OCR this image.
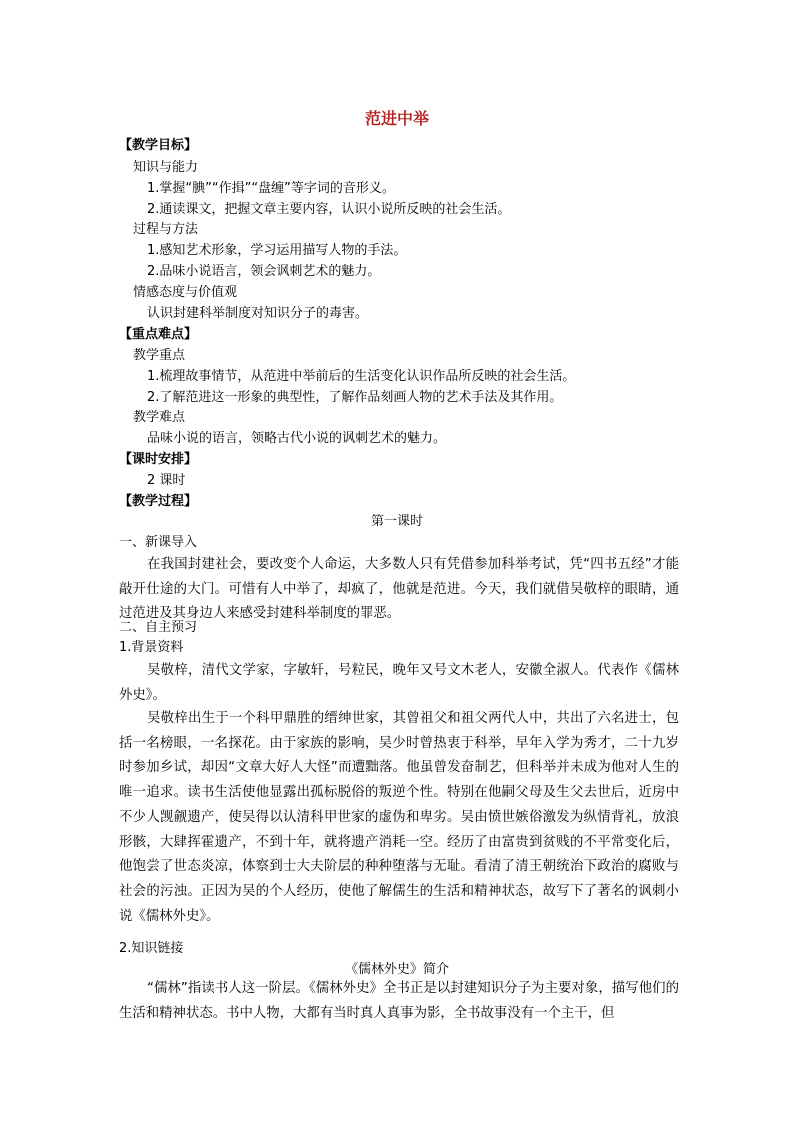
范进中举
【教学目标】
知识与能力
1.掌握“腆”“作揖”“盘缠”等字词的音形义。
2.通读课文，把握文章主要内容，认识小说所反映的社会生活。
过程与方法
1.感知艺术形象，学习运用描写人物的手法。
2.品味小说语言，领会讽刺艺术的魅力。
情感态度与价值观
认识封建科举制度对知识分子的毒害。
【重点难点】
教学重点
1.梳理故事情节，从范进中举前后的生活变化认识作品所反映的社会生活。
2.了解范进这一形象的典型性，了解作品刻画人物的艺术手法及其作用。
教学难点
品味小说的语言，领略古代小说的讽刺艺术的魅力。
【课时安排】
2 课时
【教学过程】
第一课时
一、新课导入

在我国封建社会，要改变个人命运，大多数人只有凭借参加科举考试，凭“四书五经”才能敲开仕途的大门。可惜有人中举了，却疯了，他就是范进。今天，我们就借吴敬梓的眼睛，通过范进及其身边人来感受封建科举制度的罪恶。

二、自主预习
1.背景资料

吴敬梓，清代文学家，字敏轩，号粒民，晚年又号文木老人，安徽全淑人。代表作《儒林外史》。

吴敬梓出生于一个科甲鼎胜的缙绅世家，其曾祖父和祖父两代人中，共出了六名进士，包括一名榜眼，一名探花。由于家族的影响，吴少时曾热衷于科举，早年入学为秀才，二十九岁时参加乡试，却因“文章大好人大怪”而遭黜落。他虽曾发奋制艺，但科举并未成为他对人生的唯一追求。读书生活使他显露出孤标脱俗的叛逆个性。特别在他嗣父母及生父去世后，近房中不少人觊觎遗产，使吴得以认清科甲世家的虚伪和卑劣。吴由愤世嫉俗激发为纵情背礼，放浪形骸，大肆挥霍遗产，不到十年，就将遗产消耗一空。经历了由富贵到贫贱的不平常变化后，他饱尝了世态炎凉，体察到士大夫阶层的种种堕落与无耻。看清了清王朝统治下政治的腐败与社会的污浊。正因为吴的个人经历，使他了解儒生的生活和精神状态，故写下了著名的讽刺小说《儒林外史》。

2.知识链接
《儒林外史》简介

“儒林”指读书人这一阶层。《儒林外史》全书正是以封建知识分子为主要对象，描写他们的生活和精神状态。书中人物，大都有当时真人真事为影，全书故事没有一个主干，但
